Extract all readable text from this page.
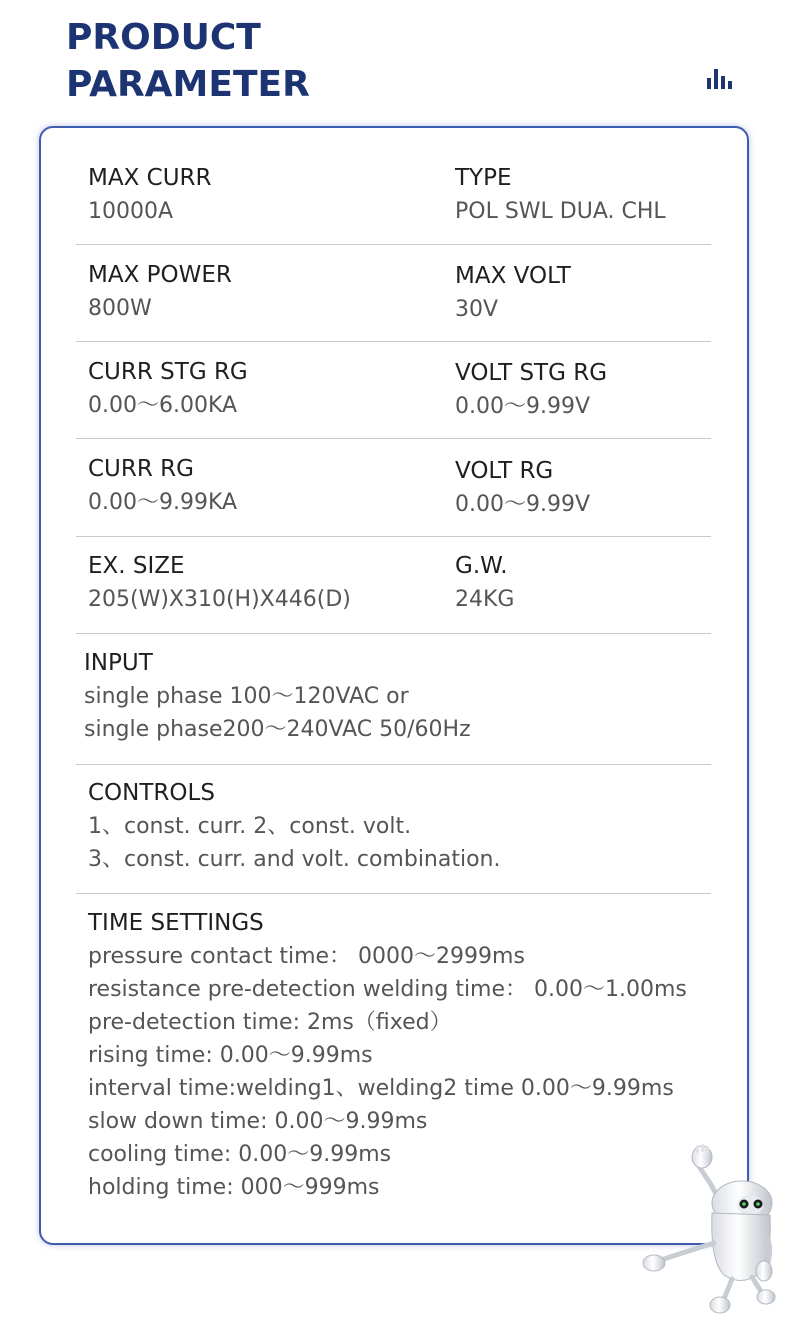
PRODUCT
PARAMETER
MAX CURR
10000A
TYPE
POL SWL DUA. CHL
MAX POWER
800W
MAX VOLT
30V
CURR STG RG
0.00～6.00KA
VOLT STG RG
0.00～9.99V
CURR RG
0.00～9.99KA
VOLT RG
0.00～9.99V
EX. SIZE
205(W)X310(H)X446(D)
G.W.
24KG
INPUT
single phase 100～120VAC or
single phase200～240VAC 50/60Hz
CONTROLS
1、const. curr. 2、const. volt.
3、const. curr. and volt. combination.
TIME SETTINGS
pressure contact time： 0000～2999ms
resistance pre-detection welding time： 0.00～1.00ms
pre-detection time: 2ms（fixed）
rising time: 0.00～9.99ms
interval time:welding1、welding2 time 0.00～9.99ms
slow down time: 0.00～9.99ms
cooling time: 0.00～9.99ms
holding time: 000～999ms
